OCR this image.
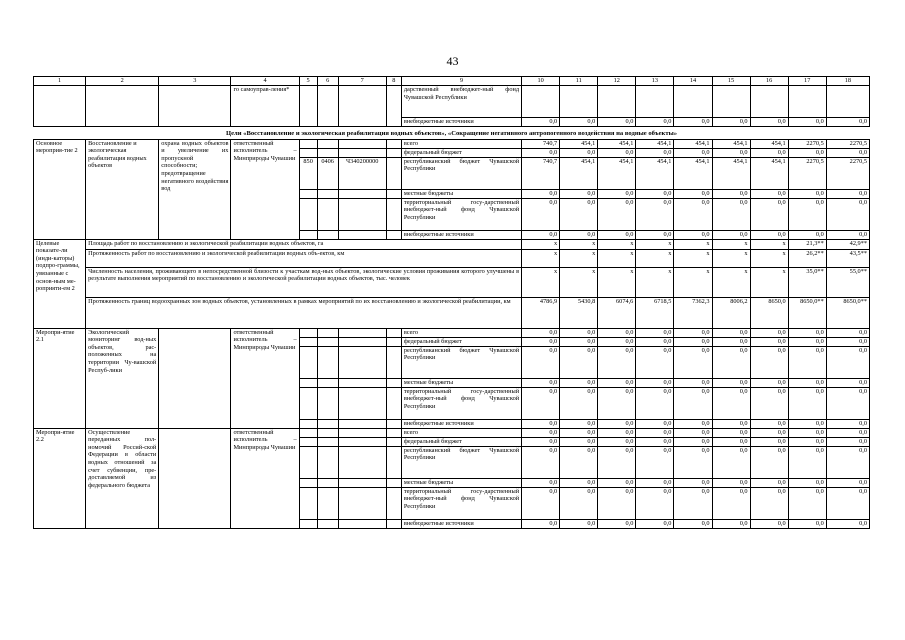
43
1	2	3	4	5	6	7	8	9	10	11	12	13	14	15	16	17	18
			го самоуправ-ления*					дарственный внебюджет-ный фонд Чувашской Республики									
								внебюджетные источники	0,0	0,0	0,0	0,0	0,0	0,0	0,0	0,0	0,0
Цели «Восстановление и экологическая реабилитация водных объектов», «Сокращение негативного антропогенного воздействия на водные объекты»																	
Основное мероприя-тие 2	Восстановление и экологическая реабилитация водных объектов	охрана водных объектов и увеличение их пропускной способности; предотвращение негативного воздействия вод	ответственный исполнитель – Минприроды Чувашии					всего	740,7	454,1	454,1	454,1	454,1	454,1	454,1	2270,5	2270,5
								федеральный бюджет	0,0	0,0	0,0	0,0	0,0	0,0	0,0	0,0	0,0
				850	0406	Ч340200000		республиканский бюджет Чувашской Республики	740,7	454,1	454,1	454,1	454,1	454,1	454,1	2270,5	2270,5
								местные бюджеты	0,0	0,0	0,0	0,0	0,0	0,0	0,0	0,0	0,0
								территориальный госу-дарственный внебюджет-ный фонд Чувашской Республики	0,0	0,0	0,0	0,0	0,0	0,0	0,0	0,0	0,0
								внебюджетные источники	0,0	0,0	0,0	0,0	0,0	0,0	0,0	0,0	0,0
Целевые показате-ли (инди-каторы) подпро-граммы, увязанные с основ-ным ме-роприяти-ем 2	Площадь работ по восстановлению и экологической реабилитации водных объектов, га								x	x	x	x	x	x	x	21,3**	42,9**
	Протяженность работ по восстановлению и экологической реабилитации водных объ-ектов, км								x	x	x	x	x	x	x	26,2**	43,5**
	Численность населения, проживающего в непосредственной близости к участкам вод-ных объектов, экологические условия проживания которого улучшены в результате выполнения мероприятий по восстановлению и экологической реабилитации водных объектов, тыс. человек								x	x	x	x	x	x	x	35,0**	55,0**
	Протяженность границ водоохранных зон водных объектов, установленных в рамках мероприятий по их восстановлению и экологической реабилитации, км								4786,9	5430,8	6074,6	6718,5	7362,3	8006,2	8650,0	8650,0**	8650,0**
Меропри-ятие 2.1	Экологический мониторинг вод-ных объектов, рас-положенных на территории Чу-вашской Респуб-лики		ответственный исполнитель – Минприроды Чувашии					всего	0,0	0,0	0,0	0,0	0,0	0,0	0,0	0,0	0,0
								федеральный бюджет	0,0	0,0	0,0	0,0	0,0	0,0	0,0	0,0	0,0
								республиканский бюджет Чувашской Республики	0,0	0,0	0,0	0,0	0,0	0,0	0,0	0,0	0,0
								местные бюджеты	0,0	0,0	0,0	0,0	0,0	0,0	0,0	0,0	0,0
								территориальный госу-дарственный внебюджет-ный фонд Чувашской Республики	0,0	0,0	0,0	0,0	0,0	0,0	0,0	0,0	0,0
								внебюджетные источники	0,0	0,0	0,0	0,0	0,0	0,0	0,0	0,0	0,0
Меропри-ятие 2.2	Осуществление переданных пол-номочий Россий-ской Федерации в области водных отношений за счет субвенции, пре-доставляемой из федерального бюджета		ответственный исполнитель – Минприроды Чувашии					всего	0,0	0,0	0,0	0,0	0,0	0,0	0,0	0,0	0,0
								федеральный бюджет	0,0	0,0	0,0	0,0	0,0	0,0	0,0	0,0	0,0
								республиканский бюджет Чувашской Республики	0,0	0,0	0,0	0,0	0,0	0,0	0,0	0,0	0,0
								местные бюджеты	0,0	0,0	0,0	0,0	0,0	0,0	0,0	0,0	0,0
								территориальный госу-дарственный внебюджет-ный фонд Чувашской Республики	0,0	0,0	0,0	0,0	0,0	0,0	0,0	0,0	0,0
								внебюджетные источники	0,0	0,0	0,0	0,0	0,0	0,0	0,0	0,0	0,0
